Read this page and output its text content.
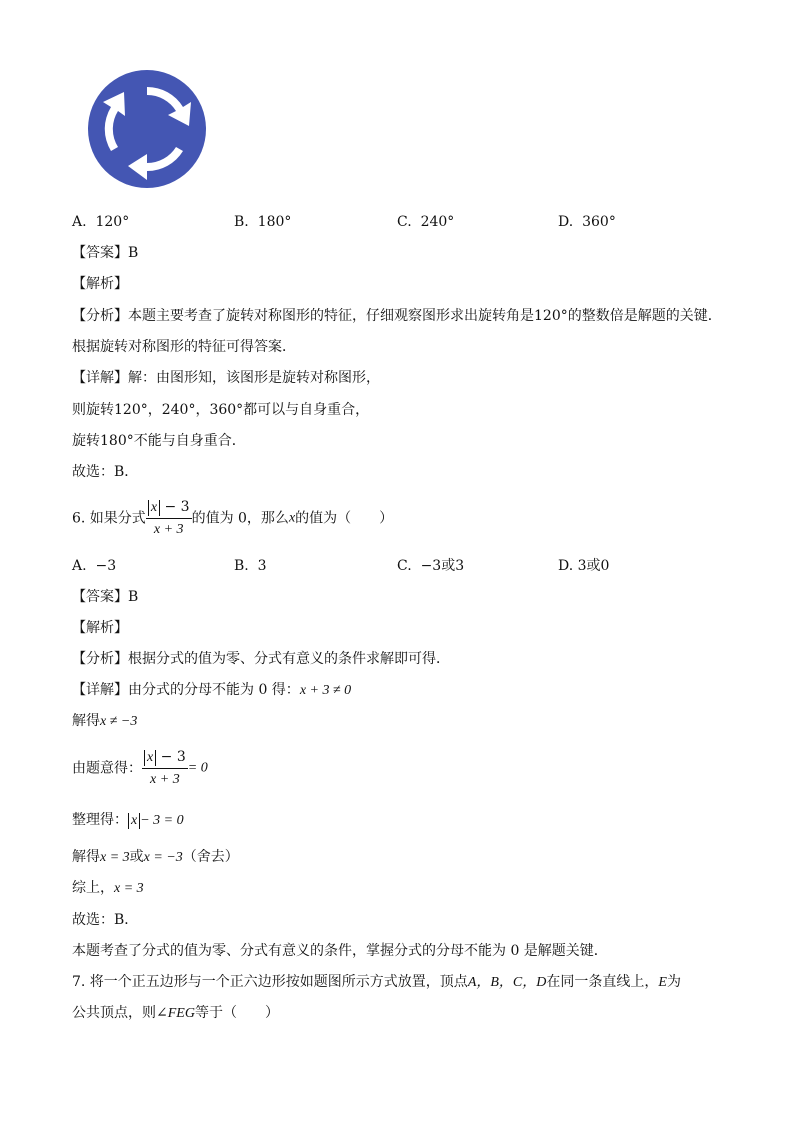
A. 120°	B. 180°	C. 240°	D. 360°
【答案】B
【解析】
【分析】本题主要考查了旋转对称图形的特征，仔细观察图形求出旋转角是120°的整数倍是解题的关键．
根据旋转对称图形的特征可得答案．
【详解】解：由图形知，该图形是旋转对称图形，
则旋转120°，240°，360°都可以与自身重合，
旋转180°不能与自身重合．
故选：B．
6. 如果分式 $\frac{x - 3}{x + 3}$ 的值为 0，那么x的值为（　　）
A. −3	B. 3	C. −3或3	D. 3或0
【答案】B
【解析】
【分析】根据分式的值为零、分式有意义的条件求解即可得．
【详解】由分式的分母不能为 0 得：x + 3 ≠ 0
解得x ≠ −3
由题意得： $\frac{x - 3}{x + 3} = 0$
整理得： x − 3 = 0
解得x = 3或x = −3（舍去）
综上，x = 3
故选：B．
本题考查了分式的值为零、分式有意义的条件，掌握分式的分母不能为 0 是解题关键．
7. 将一个正五边形与一个正六边形按如题图所示方式放置，顶点A，B，C，D在同一条直线上，E为
公共顶点，则∠FEG等于（　　）
